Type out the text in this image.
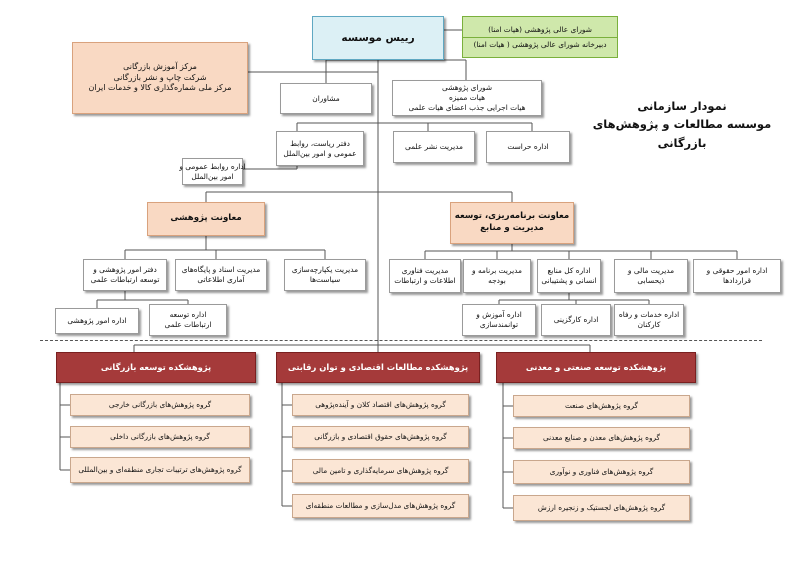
نمودار سازمانی
موسسه مطالعات و پژوهش‌های بازرگانی
رییس موسسه
شورای عالی پژوهشی (هیات امنا)
دبیرخانه شورای عالی پژوهشی ( هیات امنا)
مرکز آموزش بازرگانی
شرکت چاپ و نشر بازرگانی
مرکز ملی شماره‌گذاری کالا و خدمات ایران
مشاوران
شورای پژوهشی
هیات ممیزه
هیات اجرایی جذب اعضای هیات علمی
دفتر ریاست، روابط
عمومی و امور بین‌الملل
مدیریت نشر علمی	اداره حراست
اداره روابط عمومی و
امور بین‌الملل
معاونت پژوهشی	معاونت برنامه‌ریزی، توسعه
مدیریت و منابع
دفتر امور پژوهشی و
توسعه ارتباطات علمی
مدیریت اسناد و پایگاه‌های
آماری اطلاعاتی
مدیریت یکپارچه‌سازی
سیاست‌ها
اداره امور پژوهشی
اداره توسعه
ارتباطات علمی
مدیریت فناوری
اطلاعات و ارتباطات
مدیریت برنامه و
بودجه
اداره کل منابع
انسانی و پشتیبانی
مدیریت مالی و
ذیحسابی
اداره امور حقوقی و
قراردادها
اداره آموزش و
توانمندسازی
اداره کارگزینی
اداره خدمات و رفاه
کارکنان
پژوهشکده توسعه بازرگانی	پژوهشکده مطالعات اقتصادی و توان رقابتی	پژوهشکده توسعه صنعتی و معدنی
گروه پژوهش‌های بازرگانی خارجی
گروه پژوهش‌های بازرگانی داخلی
گروه پژوهش‌های ترتیبات تجاری منطقه‌ای و بین‌المللی
گروه پژوهش‌های اقتصاد کلان و آینده‌پژوهی
گروه پژوهش‌های حقوق اقتصادی و بازرگانی
گروه پژوهش‌های سرمایه‌گذاری و تامین مالی
گروه پژوهش‌های مدل‌سازی و مطالعات منطقه‌ای
گروه پژوهش‌های صنعت
گروه پژوهش‌های معدن و صنایع معدنی
گروه پژوهش‌های فناوری و نوآوری
گروه پژوهش‌های لجستیک و زنجیره ارزش
